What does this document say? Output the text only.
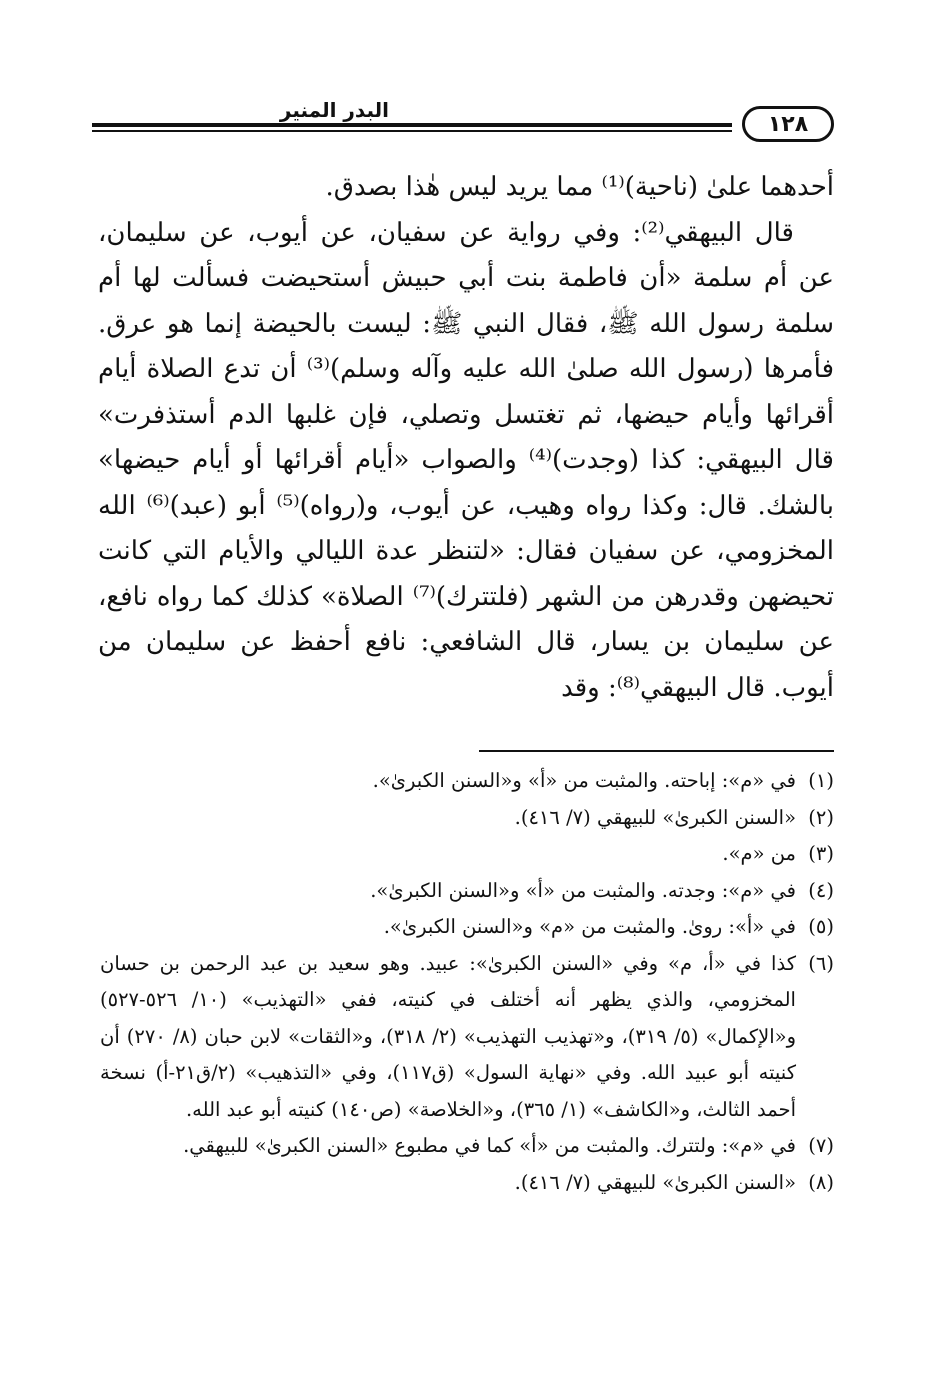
١٢٨
البدر المنير

أحدهما علىٰ (ناحية)⁽¹⁾ مما يريد ليس هٰذا بصدق.

قال البيهقي⁽²⁾: وفي رواية عن سفيان، عن أيوب، عن سليمان، عن أم سلمة «أن فاطمة بنت أبي حبيش أستحيضت فسألت لها أم سلمة رسول الله ﷺ، فقال النبي ﷺ: ليست بالحيضة إنما هو عرق. فأمرها (رسول الله صلىٰ الله عليه وآله وسلم)⁽³⁾ أن تدع الصلاة أيام أقرائها وأيام حيضها، ثم تغتسل وتصلي، فإن غلبها الدم أستذفرت» قال البيهقي: كذا (وجدت)⁽⁴⁾ والصواب «أيام أقرائها أو أيام حيضها» بالشك. قال: وكذا رواه وهيب، عن أيوب، و(رواه)⁽⁵⁾ أبو (عبد)⁽⁶⁾ الله المخزومي، عن سفيان فقال: «لتنظر عدة الليالي والأيام التي كانت تحيضهن وقدرهن من الشهر (فلتترك)⁽⁷⁾ الصلاة» كذلك كما رواه نافع، عن سليمان بن يسار، قال الشافعي: نافع أحفظ عن سليمان من أيوب. قال البيهقي⁽⁸⁾: وقد

(١)
في «م»: إباحته. والمثبت من «أ» و«السنن الكبرىٰ».
(٢)
«السنن الكبرىٰ» للبيهقي (٧/ ٤١٦).
(٣)
من «م».
(٤)
في «م»: وجدته. والمثبت من «أ» و«السنن الكبرىٰ».
(٥)
في «أ»: روىٰ. والمثبت من «م» و«السنن الكبرىٰ».
(٦)
كذا في «أ، م» وفي «السنن الكبرىٰ»: عبيد. وهو سعيد بن عبد الرحمن بن حسان المخزومي، والذي يظهر أنه أختلف في كنيته، ففي «التهذيب» (١٠/ ٥٢٦-٥٢٧) و«الإكمال» (٥/ ٣١٩)، و«تهذيب التهذيب» (٢/ ٣١٨)، و«الثقات» لابن حبان (٨/ ٢٧٠) أن كنيته أبو عبيد الله. وفي «نهاية السول» (ق١١٧)، وفي «التذهيب» (٢/ق٢١-أ) نسخة أحمد الثالث، و«الكاشف» (١/ ٣٦٥)، و«الخلاصة» (ص١٤٠) كنيته أبو عبد الله.
(٧)
في «م»: ولتترك. والمثبت من «أ» كما في مطبوع «السنن الكبرىٰ» للبيهقي.
(٨)
«السنن الكبرىٰ» للبيهقي (٧/ ٤١٦).
